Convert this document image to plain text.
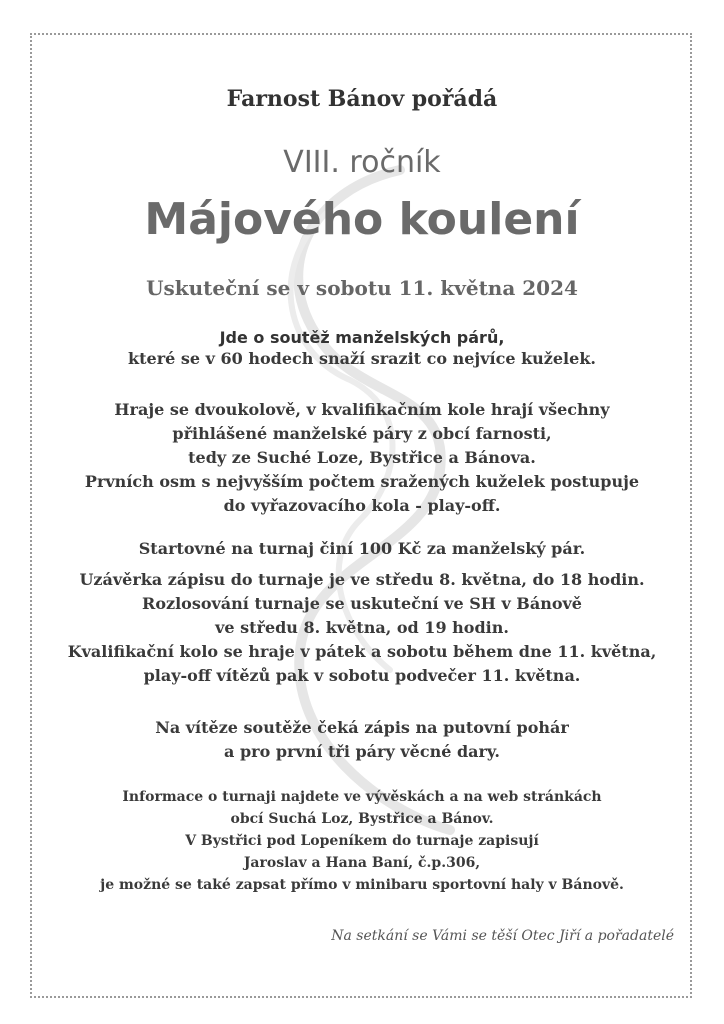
Farnost Bánov pořádá
VIII. ročník
Májového koulení
Uskuteční se v sobotu 11. května 2024
Jde o soutěž manželských párů,
které se v 60 hodech snaží srazit co nejvíce kuželek.
Hraje se dvoukolově, v kvalifikačním kole hrají všechny
přihlášené manželské páry z obcí farnosti,
tedy ze Suché Loze, Bystřice a Bánova.
Prvních osm s nejvyšším počtem sražených kuželek postupuje
do vyřazovacího kola - play-off.
Startovné na turnaj činí 100 Kč za manželský pár.
Uzávěrka zápisu do turnaje je ve středu 8. května, do 18 hodin.
Rozlosování turnaje se uskuteční ve SH v Bánově
ve středu 8. května, od 19 hodin.
Kvalifikační kolo se hraje v pátek a sobotu během dne 11. května,
play-off vítězů pak v sobotu podvečer 11. května.
Na vítěze soutěže čeká zápis na putovní pohár
a pro první tři páry věcné dary.
Informace o turnaji najdete ve vývěskách a na web stránkách
obcí Suchá Loz, Bystřice a Bánov.
V Bystřici pod Lopeníkem do turnaje zapisují
Jaroslav a Hana Baní, č.p.306,
je možné se také zapsat přímo v minibaru sportovní haly v Bánově.
Na setkání se Vámi se těší Otec Jiří a pořadatelé
